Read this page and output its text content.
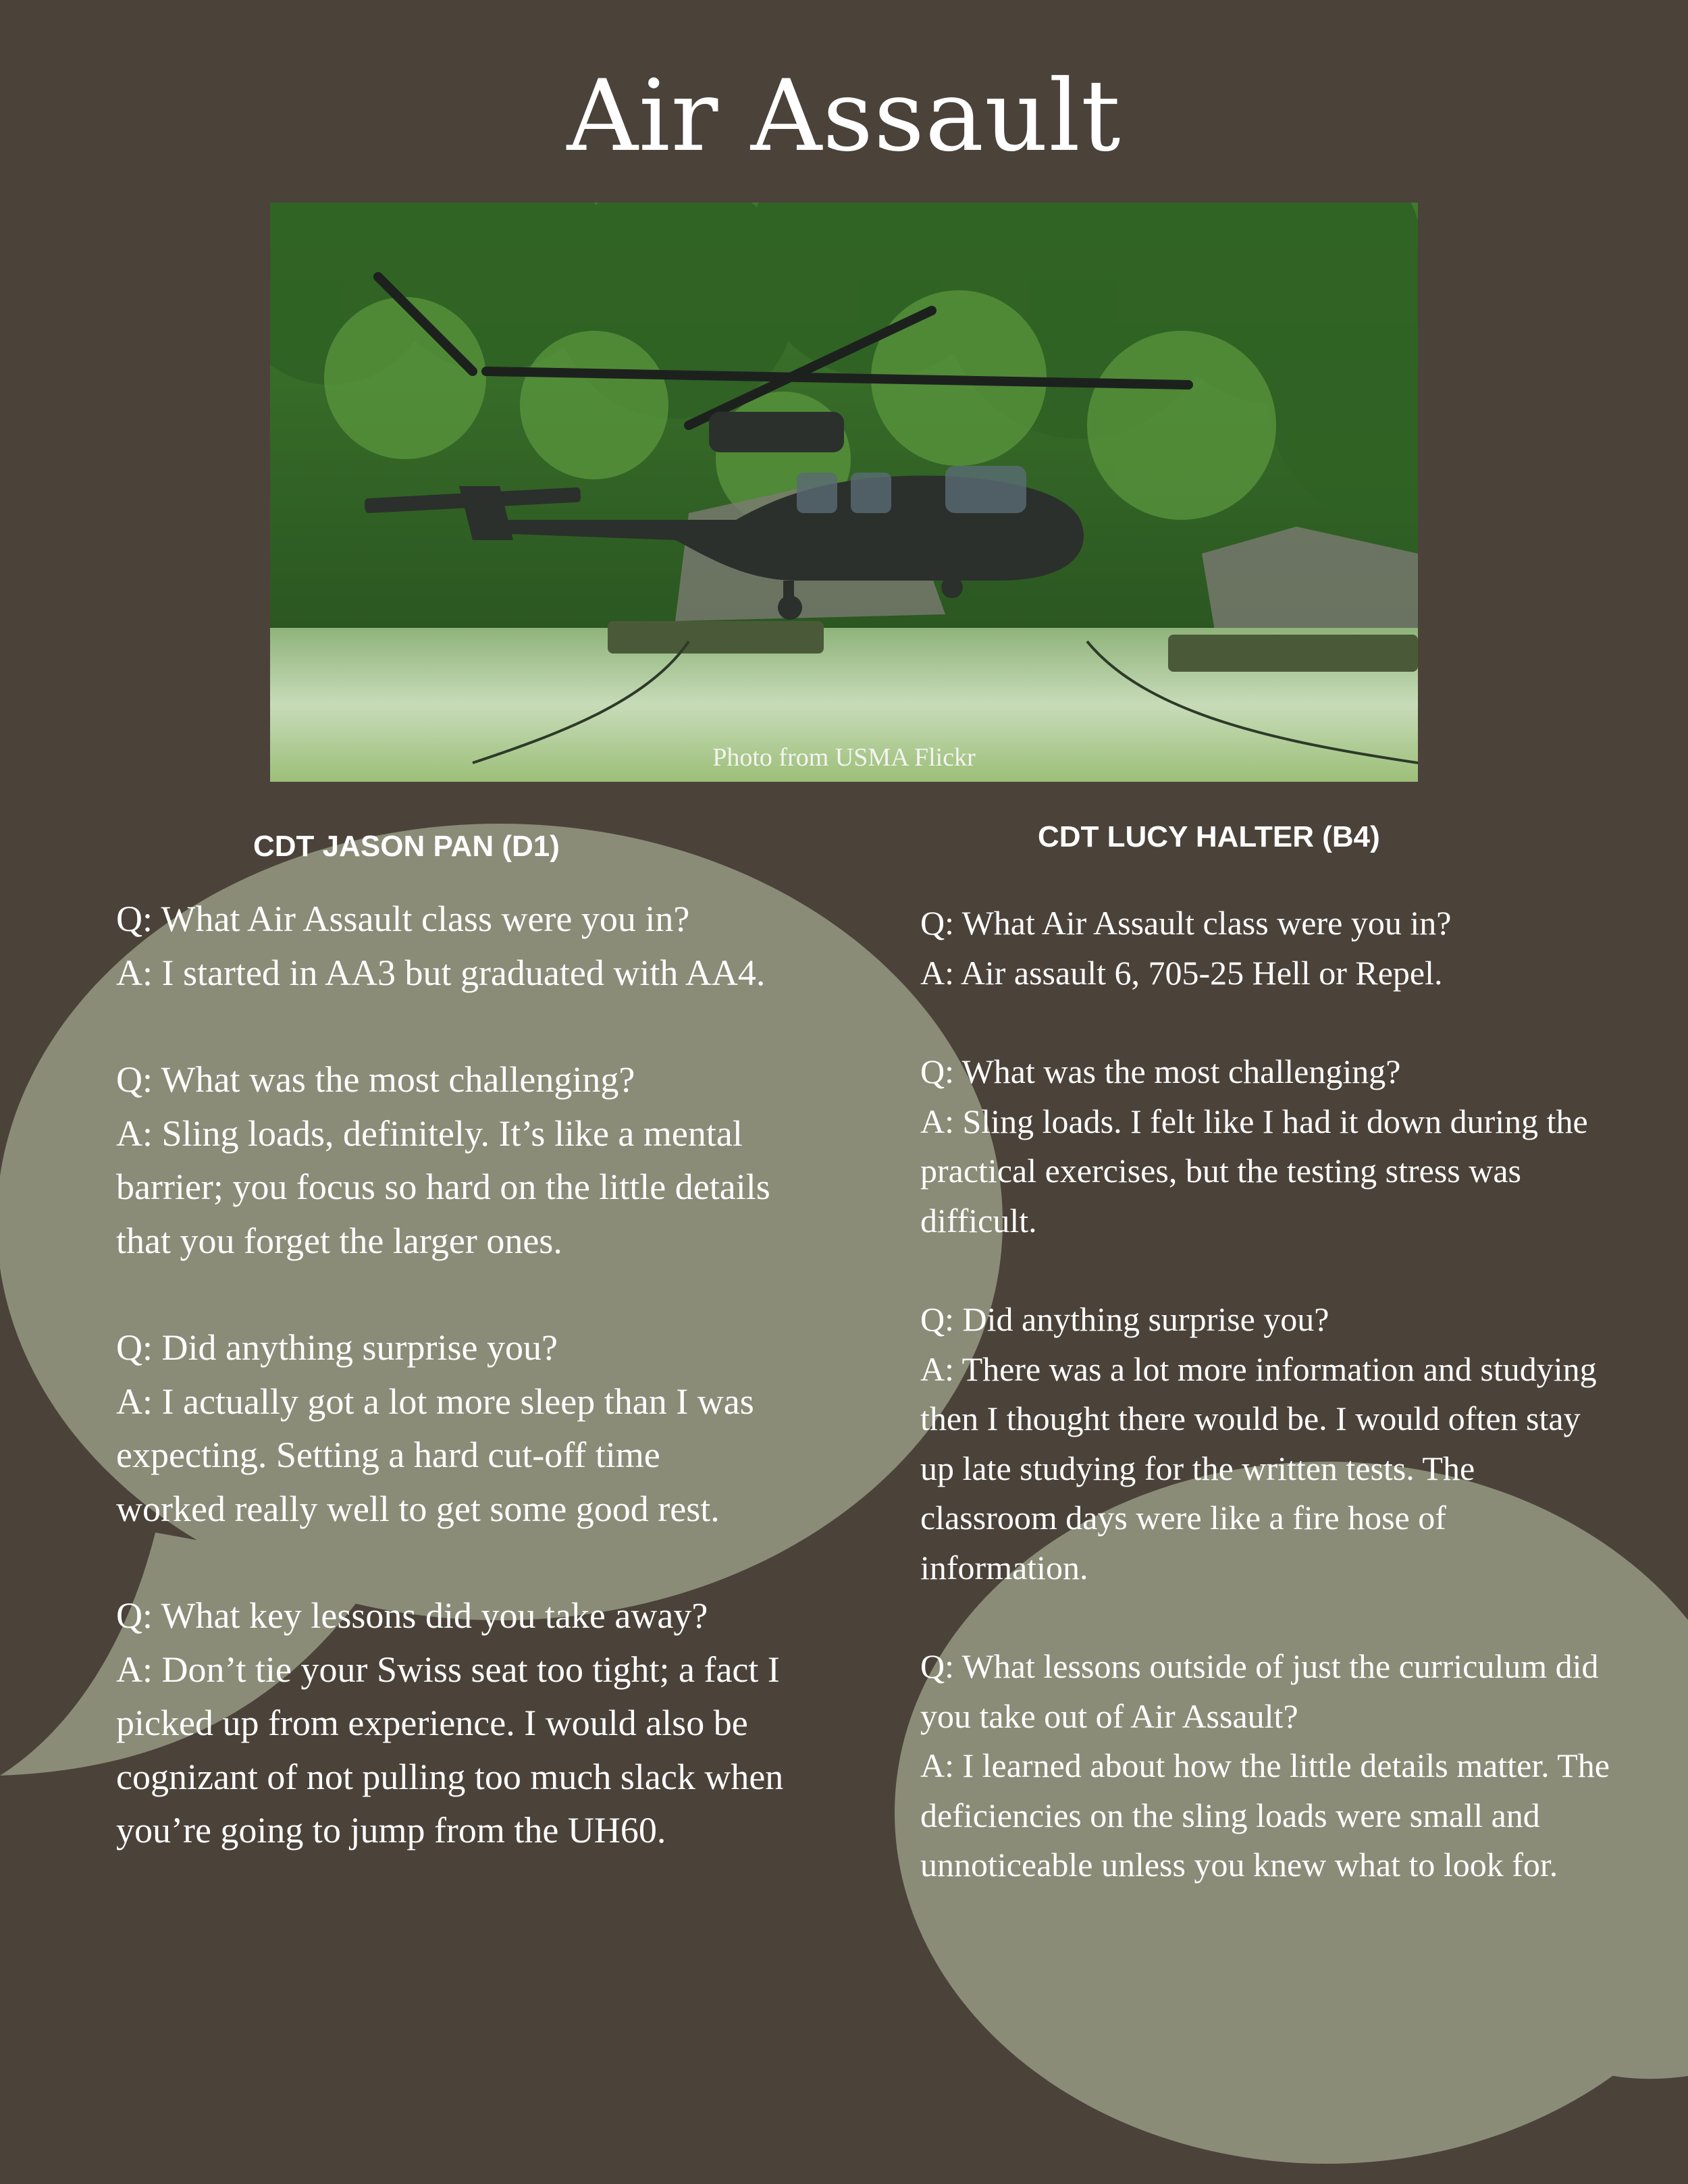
Air Assault
Photo from USMA Flickr
CDT JASON PAN (D1)	CDT LUCY HALTER (B4)

Q: What Air Assault class were you in?

A: I started in AA3 but graduated with AA4.

Q: What was the most challenging?

A: Sling loads, definitely. It’s like a mental barrier; you focus so hard on the little details that you forget the larger ones.

Q: Did anything surprise you?

A: I actually got a lot more sleep than I was expecting. Setting a hard cut-off time worked really well to get some good rest.

Q: What key lessons did you take away?

A: Don’t tie your Swiss seat too tight; a fact I picked up from experience. I would also be cognizant of not pulling too much slack when you’re going to jump from the UH60.

Q: What Air Assault class were you in?

A: Air assault 6, 705-25 Hell or Repel.

Q: What was the most challenging?

A: Sling loads. I felt like I had it down during the practical exercises, but the testing stress was difficult.

Q: Did anything surprise you?

A: There was a lot more information and studying then I thought there would be. I would often stay up late studying for the written tests. The classroom days were like a fire hose of information.

Q: What lessons outside of just the curriculum did you take out of Air Assault?

A: I learned about how the little details matter. The deficiencies on the sling loads were small and unnoticeable unless you knew what to look for.
